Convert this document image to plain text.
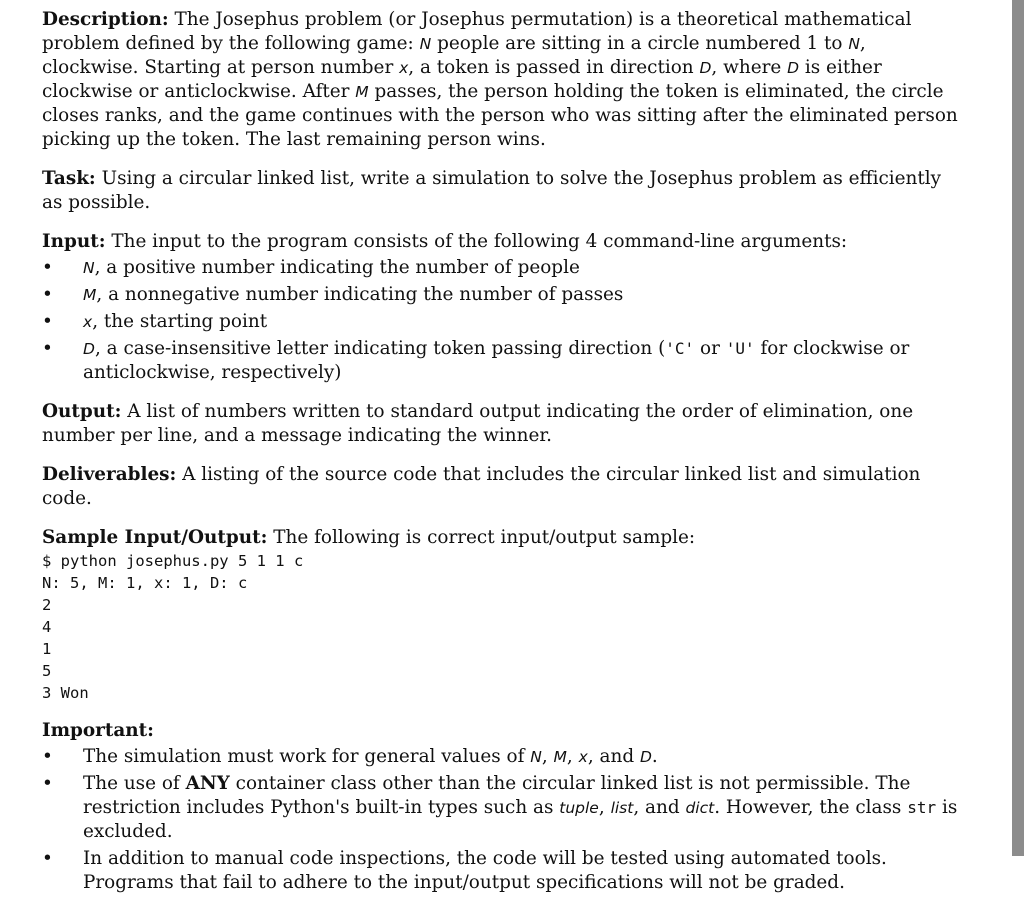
Description: The Josephus problem (or Josephus permutation) is a theoretical mathematical problem defined by the following game: N people are sitting in a circle numbered 1 to N, clockwise. Starting at person number x, a token is passed in direction D, where D is either clockwise or anticlockwise. After M passes, the person holding the token is eliminated, the circle closes ranks, and the game continues with the person who was sitting after the eliminated person picking up the token. The last remaining person wins.

Task: Using a circular linked list, write a simulation to solve the Josephus problem as efficiently as possible.

Input: The input to the program consists of the following 4 command-line arguments:

• N, a positive number indicating the number of people
• M, a nonnegative number indicating the number of passes
• x, the starting point
• D, a case-insensitive letter indicating token passing direction ('C' or 'U' for clockwise or anticlockwise, respectively)

Output: A list of numbers written to standard output indicating the order of elimination, one number per line, and a message indicating the winner.

Deliverables: A listing of the source code that includes the circular linked list and simulation code.

Sample Input/Output: The following is correct input/output sample:

$ python josephus.py 5 1 1 c
N: 5, M: 1, x: 1, D: c
2
4
1
5
3 Won

Important:

• The simulation must work for general values of N, M, x, and D.
• The use of ANY container class other than the circular linked list is not permissible. The restriction includes Python's built-in types such as tuple, list, and dict. However, the class str is excluded.
• In addition to manual code inspections, the code will be tested using automated tools. Programs that fail to adhere to the input/output specifications will not be graded.
